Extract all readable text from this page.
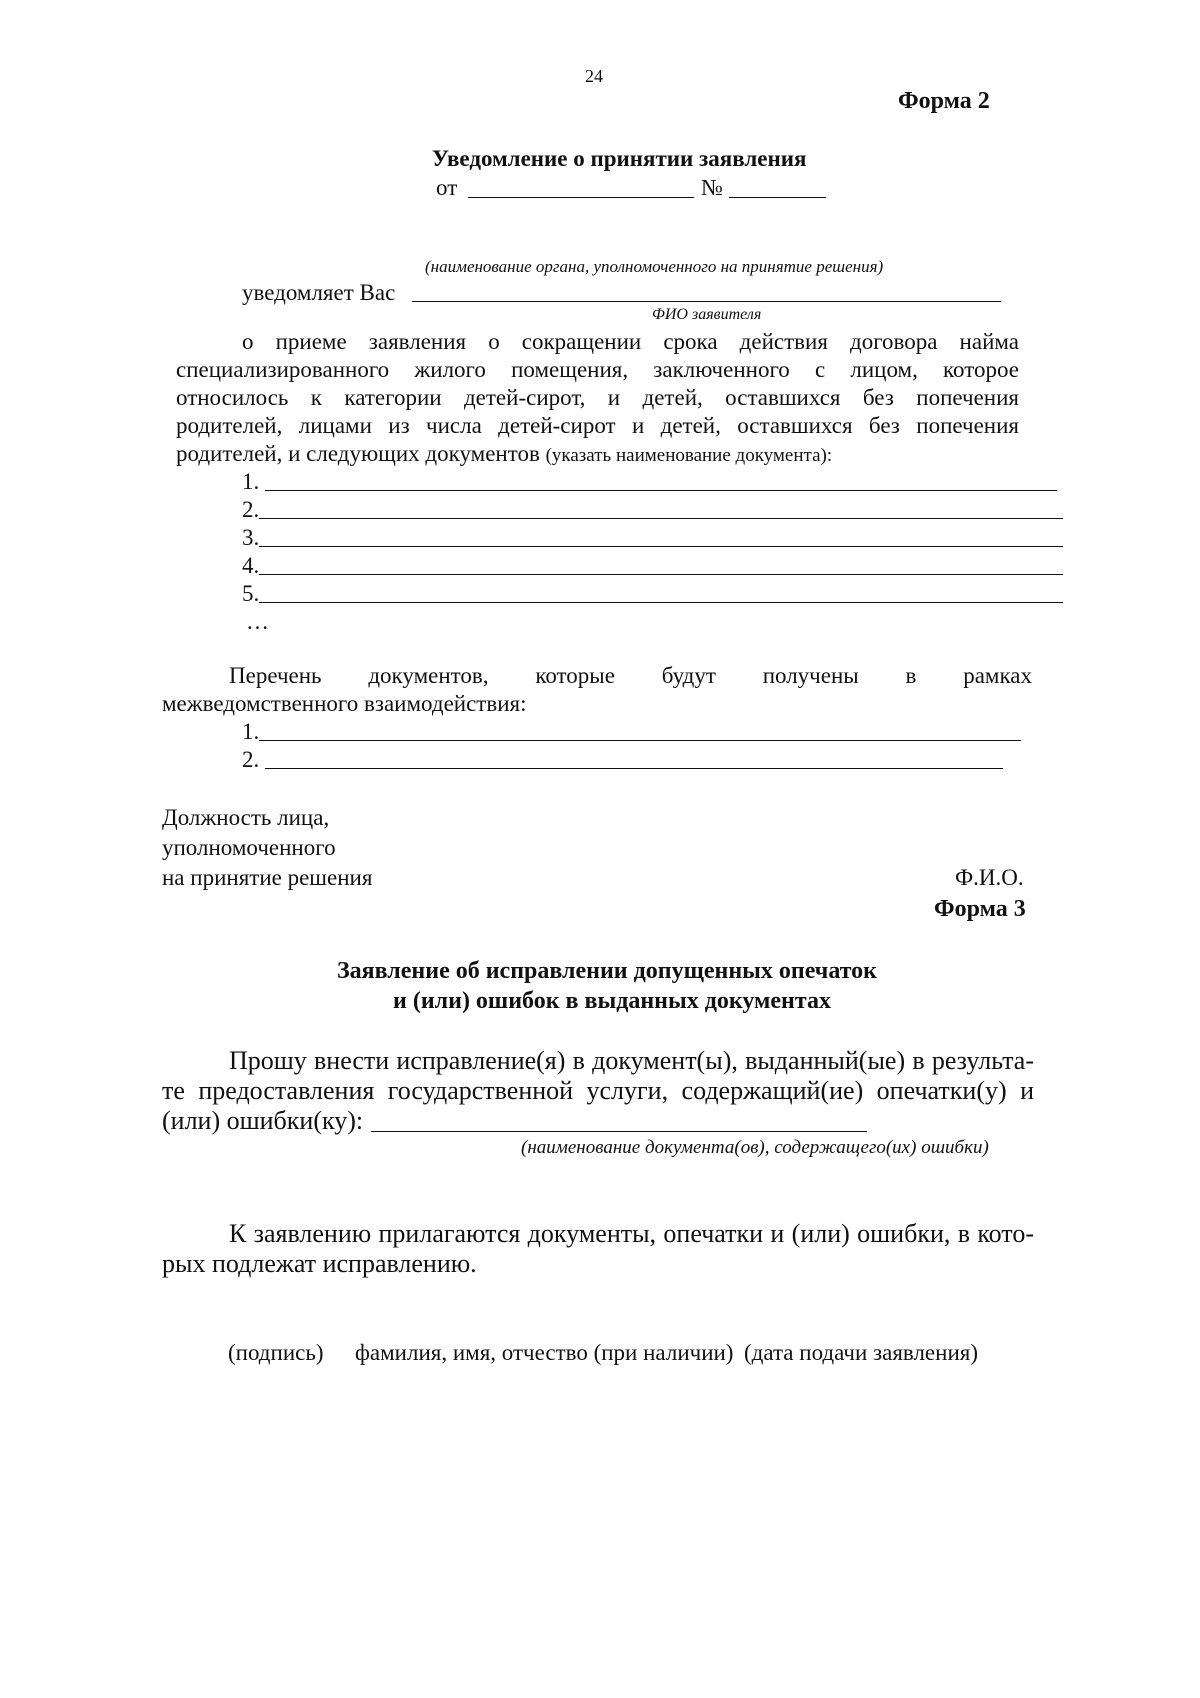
24
Форма 2
Уведомление о принятии заявления
от	№
(наименование органа, уполномоченного на принятие решения)
уведомляет Вас
ФИО заявителя
о приеме заявления о сокращении срока действия договора найма
специализированного жилого помещения, заключенного с лицом, которое
относилось к категории детей-сирот, и детей, оставшихся без попечения
родителей, лицами из числа детей-сирот и детей, оставшихся без попечения
родителей, и следующих документов (указать наименование документа):
1.
2.
3.
4.
5.
…
Перечень документов, которые будут получены в рамках
межведомственного взаимодействия:
1.
2.
Должность лица,
уполномоченного
на принятие решения	Ф.И.О.
Форма 3
Заявление об исправлении допущенных опечаток
и (или) ошибок в выданных документах
Прошу внести исправление(я) в документ(ы), выданный(ые) в результа-
те предоставления государственной услуги, содержащий(ие) опечатки(у) и
(или) ошибки(ку):
(наименование документа(ов), содержащего(их) ошибки)
К заявлению прилагаются документы, опечатки и (или) ошибки, в кото-
рых подлежат исправлению.
(подпись) фамилия, имя, отчество (при наличии) (дата подачи заявления)
